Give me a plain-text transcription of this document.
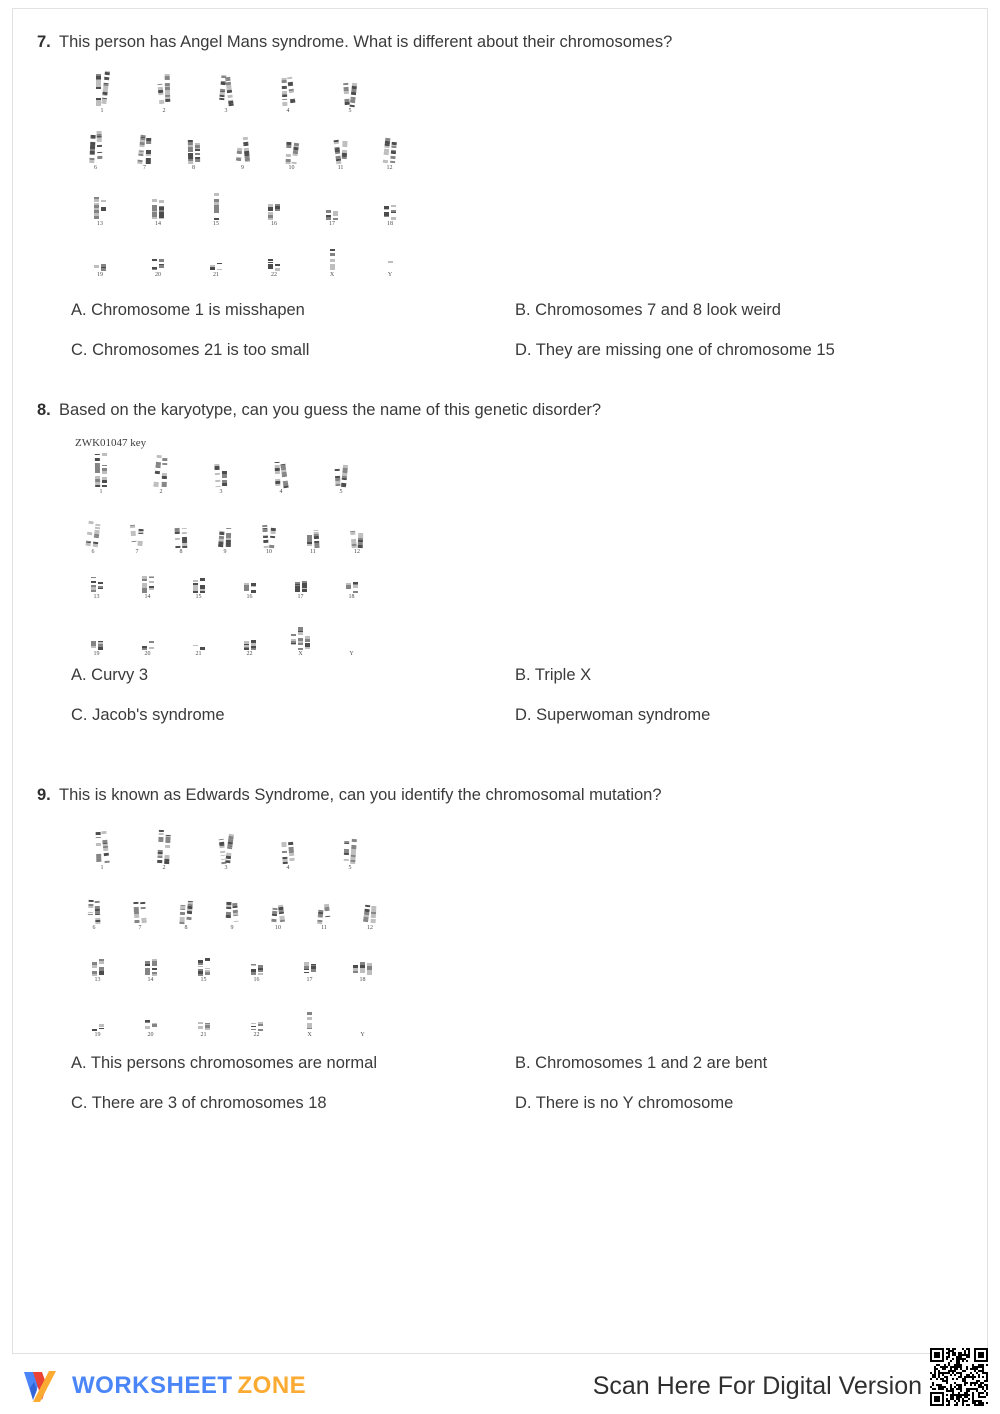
7. This person has Angel Mans syndrome. What is different about their chromosomes?
1	2	3	4	5
6	7	8	9	10	11	12
13	14	15	16	17	18
19	20	21	22	X	Y
A. Chromosome 1 is misshapen	B. Chromosomes 7 and 8 look weird
C. Chromosomes 21 is too small	D. They are missing one of chromosome 15
8. Based on the karyotype, can you guess the name of this genetic disorder?
ZWK01047 key
1	2	3	4	5
6	7	8	9	10	11	12
13	14	15	16	17	18
19	20	21	22	X	Y
A. Curvy 3	B. Triple X
C. Jacob's syndrome	D. Superwoman syndrome
9. This is known as Edwards Syndrome, can you identify the chromosomal mutation?
1	2	3	4	5
6	7	8	9	10	11	12
13	14	15	16	17	18
19	20	21	22	X	Y
A. This persons chromosomes are normal	B. Chromosomes 1 and 2 are bent
C. There are 3 of chromosomes 18	D. There is no Y chromosome
WORKSHEET ZONE	Scan Here For Digital Version
